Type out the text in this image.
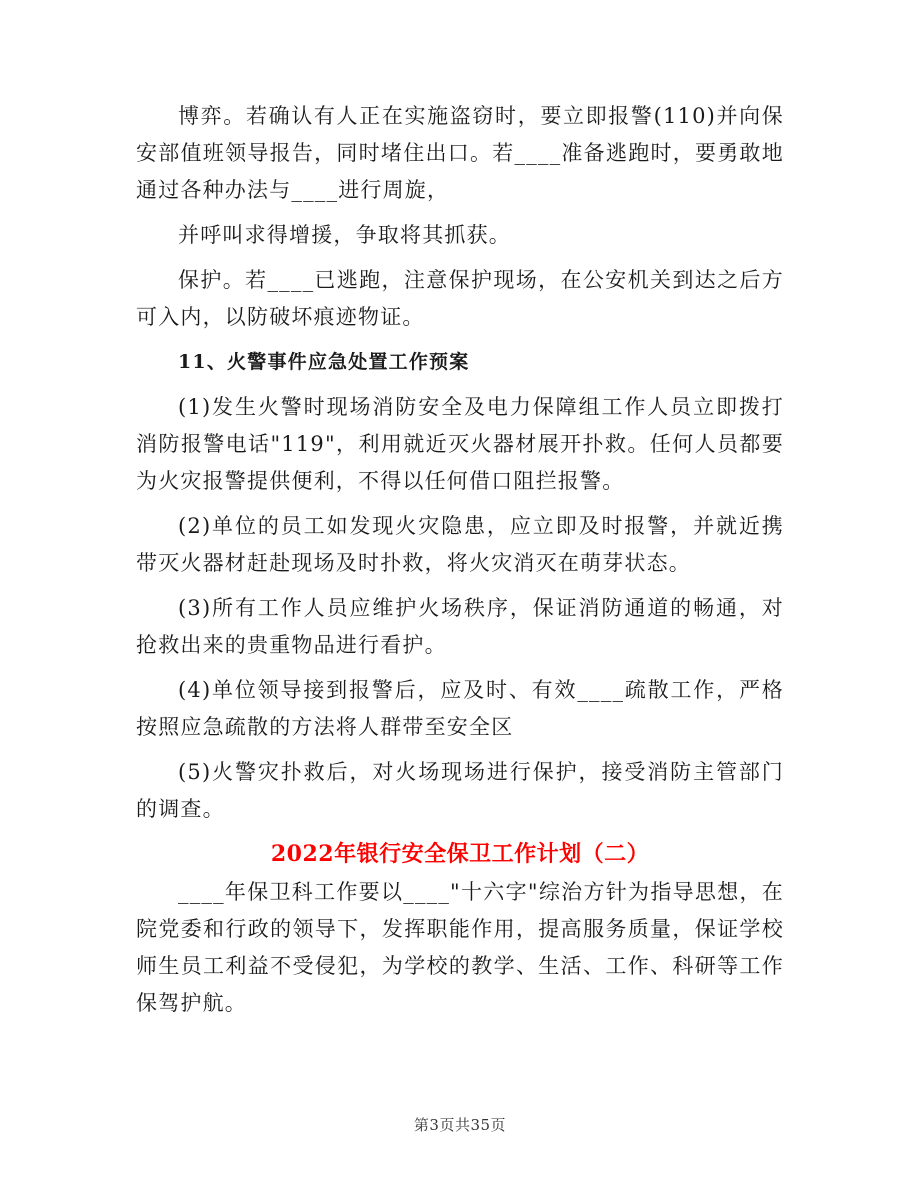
博弈。若确认有人正在实施盗窃时，要立即报警(110)并向保安部值班领导报告，同时堵住出口。若____准备逃跑时，要勇敢地通过各种办法与____进行周旋，

并呼叫求得增援，争取将其抓获。

保护。若____已逃跑，注意保护现场，在公安机关到达之后方可入内，以防破坏痕迹物证。

11、火警事件应急处置工作预案

(1)发生火警时现场消防安全及电力保障组工作人员立即拨打消防报警电话"119"，利用就近灭火器材展开扑救。任何人员都要为火灾报警提供便利，不得以任何借口阻拦报警。

(2)单位的员工如发现火灾隐患，应立即及时报警，并就近携带灭火器材赶赴现场及时扑救，将火灾消灭在萌芽状态。

(3)所有工作人员应维护火场秩序，保证消防通道的畅通，对抢救出来的贵重物品进行看护。

(4)单位领导接到报警后，应及时、有效____疏散工作，严格按照应急疏散的方法将人群带至安全区

(5)火警灾扑救后，对火场现场进行保护，接受消防主管部门的调查。

2022年银行安全保卫工作计划（二）

____年保卫科工作要以____"十六字"综治方针为指导思想，在院党委和行政的领导下，发挥职能作用，提高服务质量，保证学校师生员工利益不受侵犯，为学校的教学、生活、工作、科研等工作保驾护航。

第3页共35页
